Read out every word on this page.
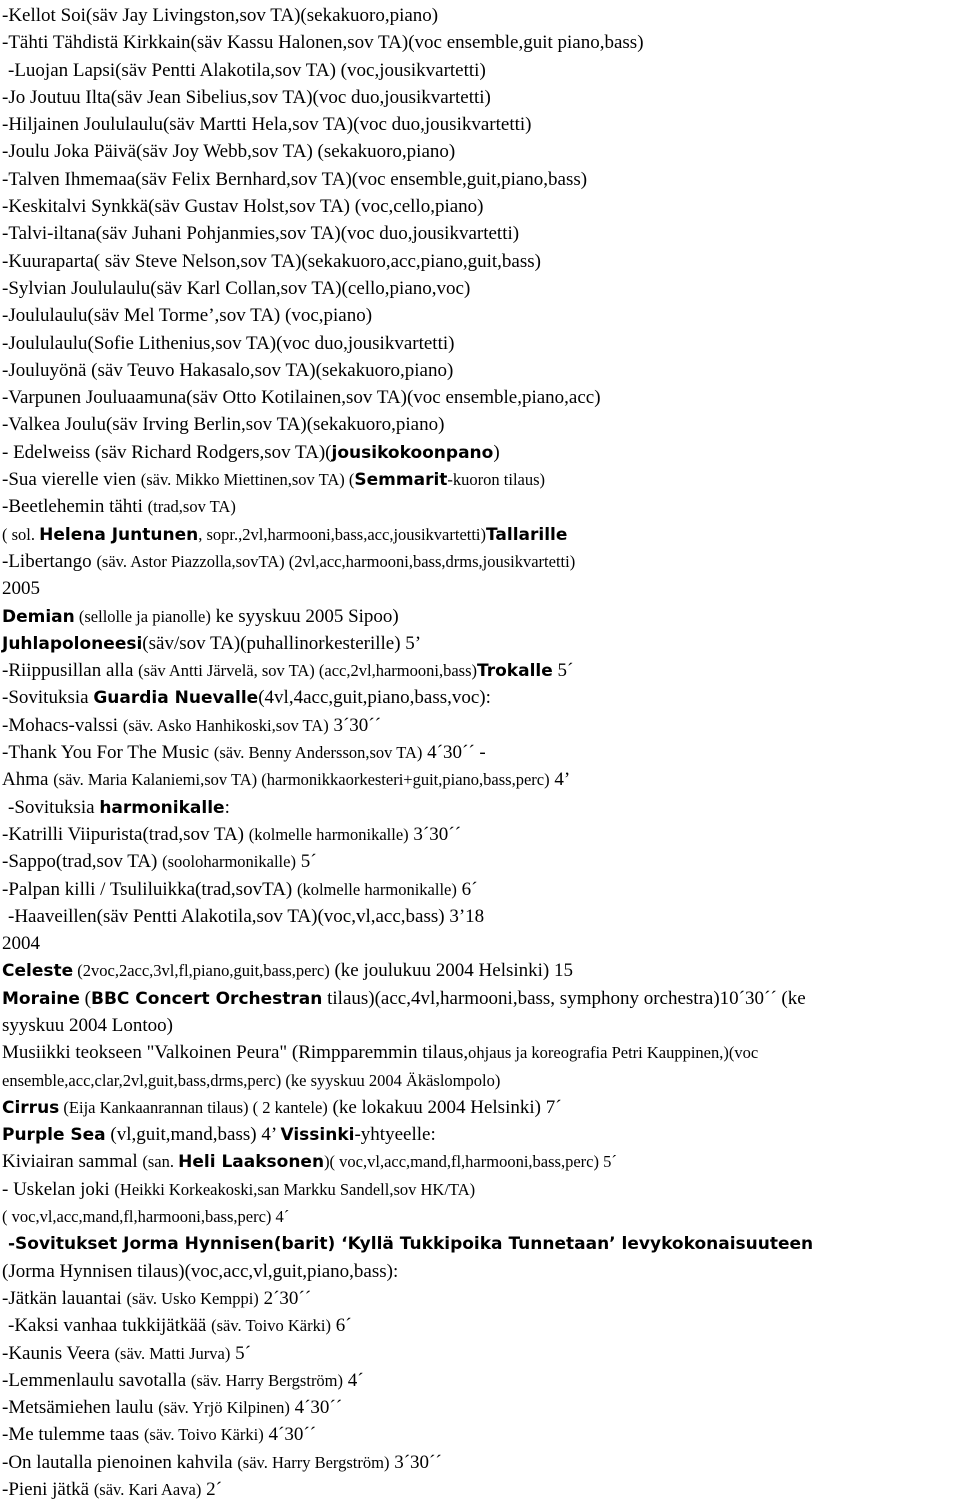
-Kellot Soi(säv Jay Livingston,sov TA)(sekakuoro,piano)
-Tähti Tähdistä Kirkkain(säv Kassu Halonen,sov TA)(voc ensemble,guit piano,bass)
-Luojan Lapsi(säv Pentti Alakotila,sov TA) (voc,jousikvartetti)
-Jo Joutuu Ilta(säv Jean Sibelius,sov TA)(voc duo,jousikvartetti)
-Hiljainen Joululaulu(säv Martti Hela,sov TA)(voc duo,jousikvartetti)
-Joulu Joka Päivä(säv Joy Webb,sov TA) (sekakuoro,piano)
-Talven Ihmemaa(säv Felix Bernhard,sov TA)(voc ensemble,guit,piano,bass)
-Keskitalvi Synkkä(säv Gustav Holst,sov TA) (voc,cello,piano)
-Talvi-iltana(säv Juhani Pohjanmies,sov TA)(voc duo,jousikvartetti)
-Kuuraparta( säv Steve Nelson,sov TA)(sekakuoro,acc,piano,guit,bass)
-Sylvian Joululaulu(säv Karl Collan,sov TA)(cello,piano,voc)
-Joululaulu(säv Mel Torme’,sov TA) (voc,piano)
-Joululaulu(Sofie Lithenius,sov TA)(voc duo,jousikvartetti)
-Jouluyönä (säv Teuvo Hakasalo,sov TA)(sekakuoro,piano)
-Varpunen Jouluaamuna(säv Otto Kotilainen,sov TA)(voc ensemble,piano,acc)
-Valkea Joulu(säv Irving Berlin,sov TA)(sekakuoro,piano)
- Edelweiss (säv Richard Rodgers,sov TA)(jousikokoonpano)
-Sua vierelle vien (säv. Mikko Miettinen,sov TA) (Semmarit-kuoron tilaus)
-Beetlehemin tähti (trad,sov TA)
( sol. Helena Juntunen, sopr.,2vl,harmooni,bass,acc,jousikvartetti)Tallarille
-Libertango (säv. Astor Piazzolla,sovTA) (2vl,acc,harmooni,bass,drms,jousikvartetti)
2005
Demian (sellolle ja pianolle) ke syyskuu 2005 Sipoo)
Juhlapoloneesi(säv/sov TA)(puhallinorkesterille) 5’
-Riippusillan alla (säv Antti Järvelä, sov TA) (acc,2vl,harmooni,bass)Trokalle 5´
-Sovituksia Guardia Nuevalle(4vl,4acc,guit,piano,bass,voc):
-Mohacs-valssi (säv. Asko Hanhikoski,sov TA) 3´30´´
-Thank You For The Music (säv. Benny Andersson,sov TA) 4´30´´ -
Ahma (säv. Maria Kalaniemi,sov TA) (harmonikkaorkesteri+guit,piano,bass,perc) 4’
-Sovituksia harmonikalle:
-Katrilli Viipurista(trad,sov TA) (kolmelle harmonikalle) 3´30´´
-Sappo(trad,sov TA) (sooloharmonikalle) 5´
-Palpan killi / Tsuliluikka(trad,sovTA) (kolmelle harmonikalle) 6´
-Haaveillen(säv Pentti Alakotila,sov TA)(voc,vl,acc,bass) 3’18
2004
Celeste (2voc,2acc,3vl,fl,piano,guit,bass,perc) (ke joulukuu 2004 Helsinki) 15
Moraine (BBC Concert Orchestran tilaus)(acc,4vl,harmooni,bass, symphony orchestra)10´30´´ (ke
syyskuu 2004 Lontoo)
Musiikki teokseen "Valkoinen Peura" (Rimpparemmin tilaus,ohjaus ja koreografia Petri Kauppinen,)(voc
ensemble,acc,clar,2vl,guit,bass,drms,perc) (ke syyskuu 2004 Äkäslompolo)
Cirrus (Eija Kankaanrannan tilaus) ( 2 kantele) (ke lokakuu 2004 Helsinki) 7´
Purple Sea (vl,guit,mand,bass) 4’ Vissinki-yhtyeelle:
Kiviairan sammal (san. Heli Laaksonen)( voc,vl,acc,mand,fl,harmooni,bass,perc) 5´
- Uskelan joki (Heikki Korkeakoski,san Markku Sandell,sov HK/TA)
( voc,vl,acc,mand,fl,harmooni,bass,perc) 4´
-Sovitukset Jorma Hynnisen(barit) ‘Kyllä Tukkipoika Tunnetaan’ levykokonaisuuteen
(Jorma Hynnisen tilaus)(voc,acc,vl,guit,piano,bass):
-Jätkän lauantai (säv. Usko Kemppi) 2´30´´
-Kaksi vanhaa tukkijätkää (säv. Toivo Kärki) 6´
-Kaunis Veera (säv. Matti Jurva) 5´
-Lemmenlaulu savotalla (säv. Harry Bergström) 4´
-Metsämiehen laulu (säv. Yrjö Kilpinen) 4´30´´
-Me tulemme taas (säv. Toivo Kärki) 4´30´´
-On lautalla pienoinen kahvila (säv. Harry Bergström) 3´30´´
-Pieni jätkä (säv. Kari Aava) 2´
